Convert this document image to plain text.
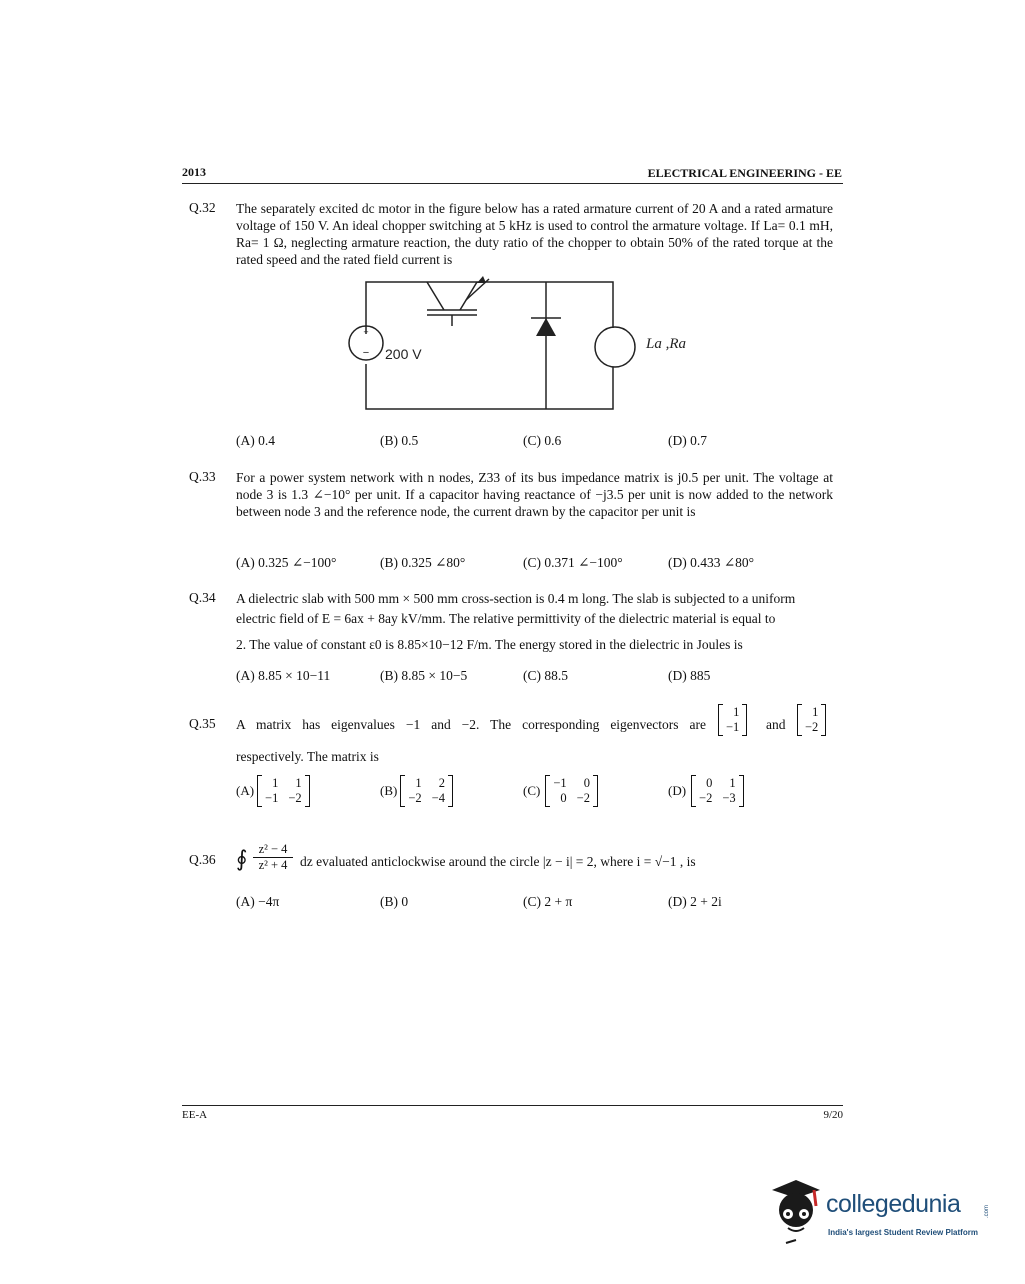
2013	ELECTRICAL ENGINEERING - EE
Q.32 The separately excited dc motor in the figure below has a rated armature current of 20 A and a rated armature voltage of 150 V. An ideal chopper switching at 5 kHz is used to control the armature voltage. If La= 0.1 mH, Ra= 1 Ω, neglecting armature reaction, the duty ratio of the chopper to obtain 50% of the rated torque at the rated speed and the rated field current is
+
− 200 V
La ,Ra
(A) 0.4	(B) 0.5	(C) 0.6	(D) 0.7
Q.33 For a power system network with n nodes, Z33 of its bus impedance matrix is j0.5 per unit. The voltage at node 3 is 1.3 ∠−10° per unit. If a capacitor having reactance of −j3.5 per unit is now added to the network between node 3 and the reference node, the current drawn by the capacitor per unit is
(A) 0.325 ∠−100°	(B) 0.325 ∠80°	(C) 0.371 ∠−100°	(D) 0.433 ∠80°
Q.34 A dielectric slab with 500 mm × 500 mm cross-section is 0.4 m long. The slab is subjected to a uniform
electric field of E = 6ax + 8ay kV/mm. The relative permittivity of the dielectric material is equal to
2. The value of constant ε0 is 8.85×10−12 F/m. The energy stored in the dielectric in Joules is
(A) 8.85 × 10−11	(B) 8.85 × 10−5	(C) 88.5	(D) 885
Q.35 A matrix has eigenvalues −1 and −2. The corresponding eigenvectors are
1
−1 and
1
−2
respectively. The matrix is
(A)	1	1
−1 −2	(B)	1	2
−2 −4	(C) −1	0
0 −2	(D)	0	1
−2 −3
Q.36 ∮ z² − 4
z² + 4 dz evaluated anticlockwise around the circle |z − i| = 2, where i = √−1 , is
(A) −4π	(B) 0	(C) 2 + π	(D) 2 + 2i
EE-A	9/20
collegedunia	.com
India's largest Student Review Platform
